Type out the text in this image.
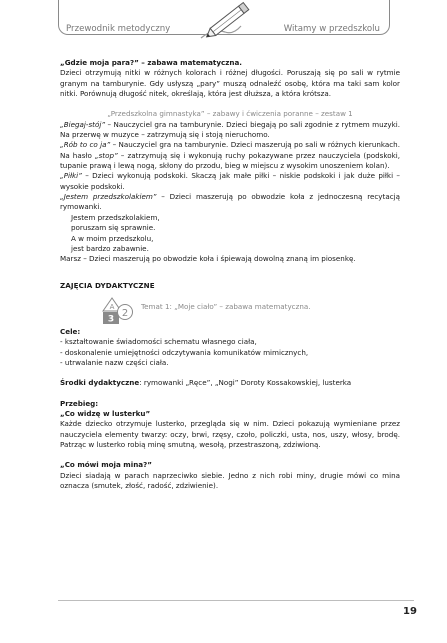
Przewodnik metodyczny	Witamy w przedszkolu

„Gdzie moja para?” – zabawa matematyczna.

Dzieci otrzymują nitki w różnych kolorach i różnej długości. Poruszają się po sali w rytmie granym na tamburynie. Gdy usłyszą „pary” muszą odnaleźć osobę, która ma taki sam kolor nitki. Porównują długość nitek, określają, która jest dłuższa, a która krótsza.

„Przedszkolna gimnastyka” – zabawy i ćwiczenia poranne – zestaw 1

„Biegaj-stój” – Nauczyciel gra na tamburynie. Dzieci biegają po sali zgodnie z rytmem muzyki. Na przerwę w muzyce – zatrzymują się i stoją nieruchomo.

„Rób to co ja” – Nauczyciel gra na tamburynie. Dzieci maszerują po sali w różnych kierunkach. Na hasło „stop” – zatrzymują się i wykonują ruchy pokazywane przez nauczyciela (podskoki, tupanie prawą i lewą nogą, skłony do przodu, bieg w miejscu z wysokim unoszeniem kolan).

„Piłki” – Dzieci wykonują podskoki. Skaczą jak małe piłki – niskie podskoki i jak duże piłki – wysokie podskoki.

„Jestem przedszkolakiem” – Dzieci maszerują po obwodzie koła z jednoczesną recytacją rymowanki.

Jestem przedszkolakiem,

poruszam się sprawnie.

A w moim przedszkolu,

jest bardzo zabawnie.

Marsz – Dzieci maszerują po obwodzie koła i śpiewają dowolną znaną im piosenkę.

ZAJĘCIA DYDAKTYCZNE

A
3
2
Temat 1: „Moje ciało” – zabawa matematyczna.

Cele:

- kształtowanie świadomości schematu własnego ciała,

- doskonalenie umiejętności odczytywania komunikatów mimicznych,

- utrwalanie nazw części ciała.

Środki dydaktyczne: rymowanki „Ręce”, „Nogi” Doroty Kossakowskiej, lusterka

Przebieg:

„Co widzę w lusterku”

Każde dziecko otrzymuje lusterko, przegląda się w nim. Dzieci pokazują wymieniane przez nauczyciela elementy twarzy: oczy, brwi, rzęsy, czoło, policzki, usta, nos, uszy, włosy, brodę. Patrząc w lusterko robią minę smutną, wesołą, przestraszoną, zdziwioną.

„Co mówi moja mina?”

Dzieci siadają w parach naprzeciwko siebie. Jedno z nich robi miny, drugie mówi co mina oznacza (smutek, złość, radość, zdziwienie).

19
